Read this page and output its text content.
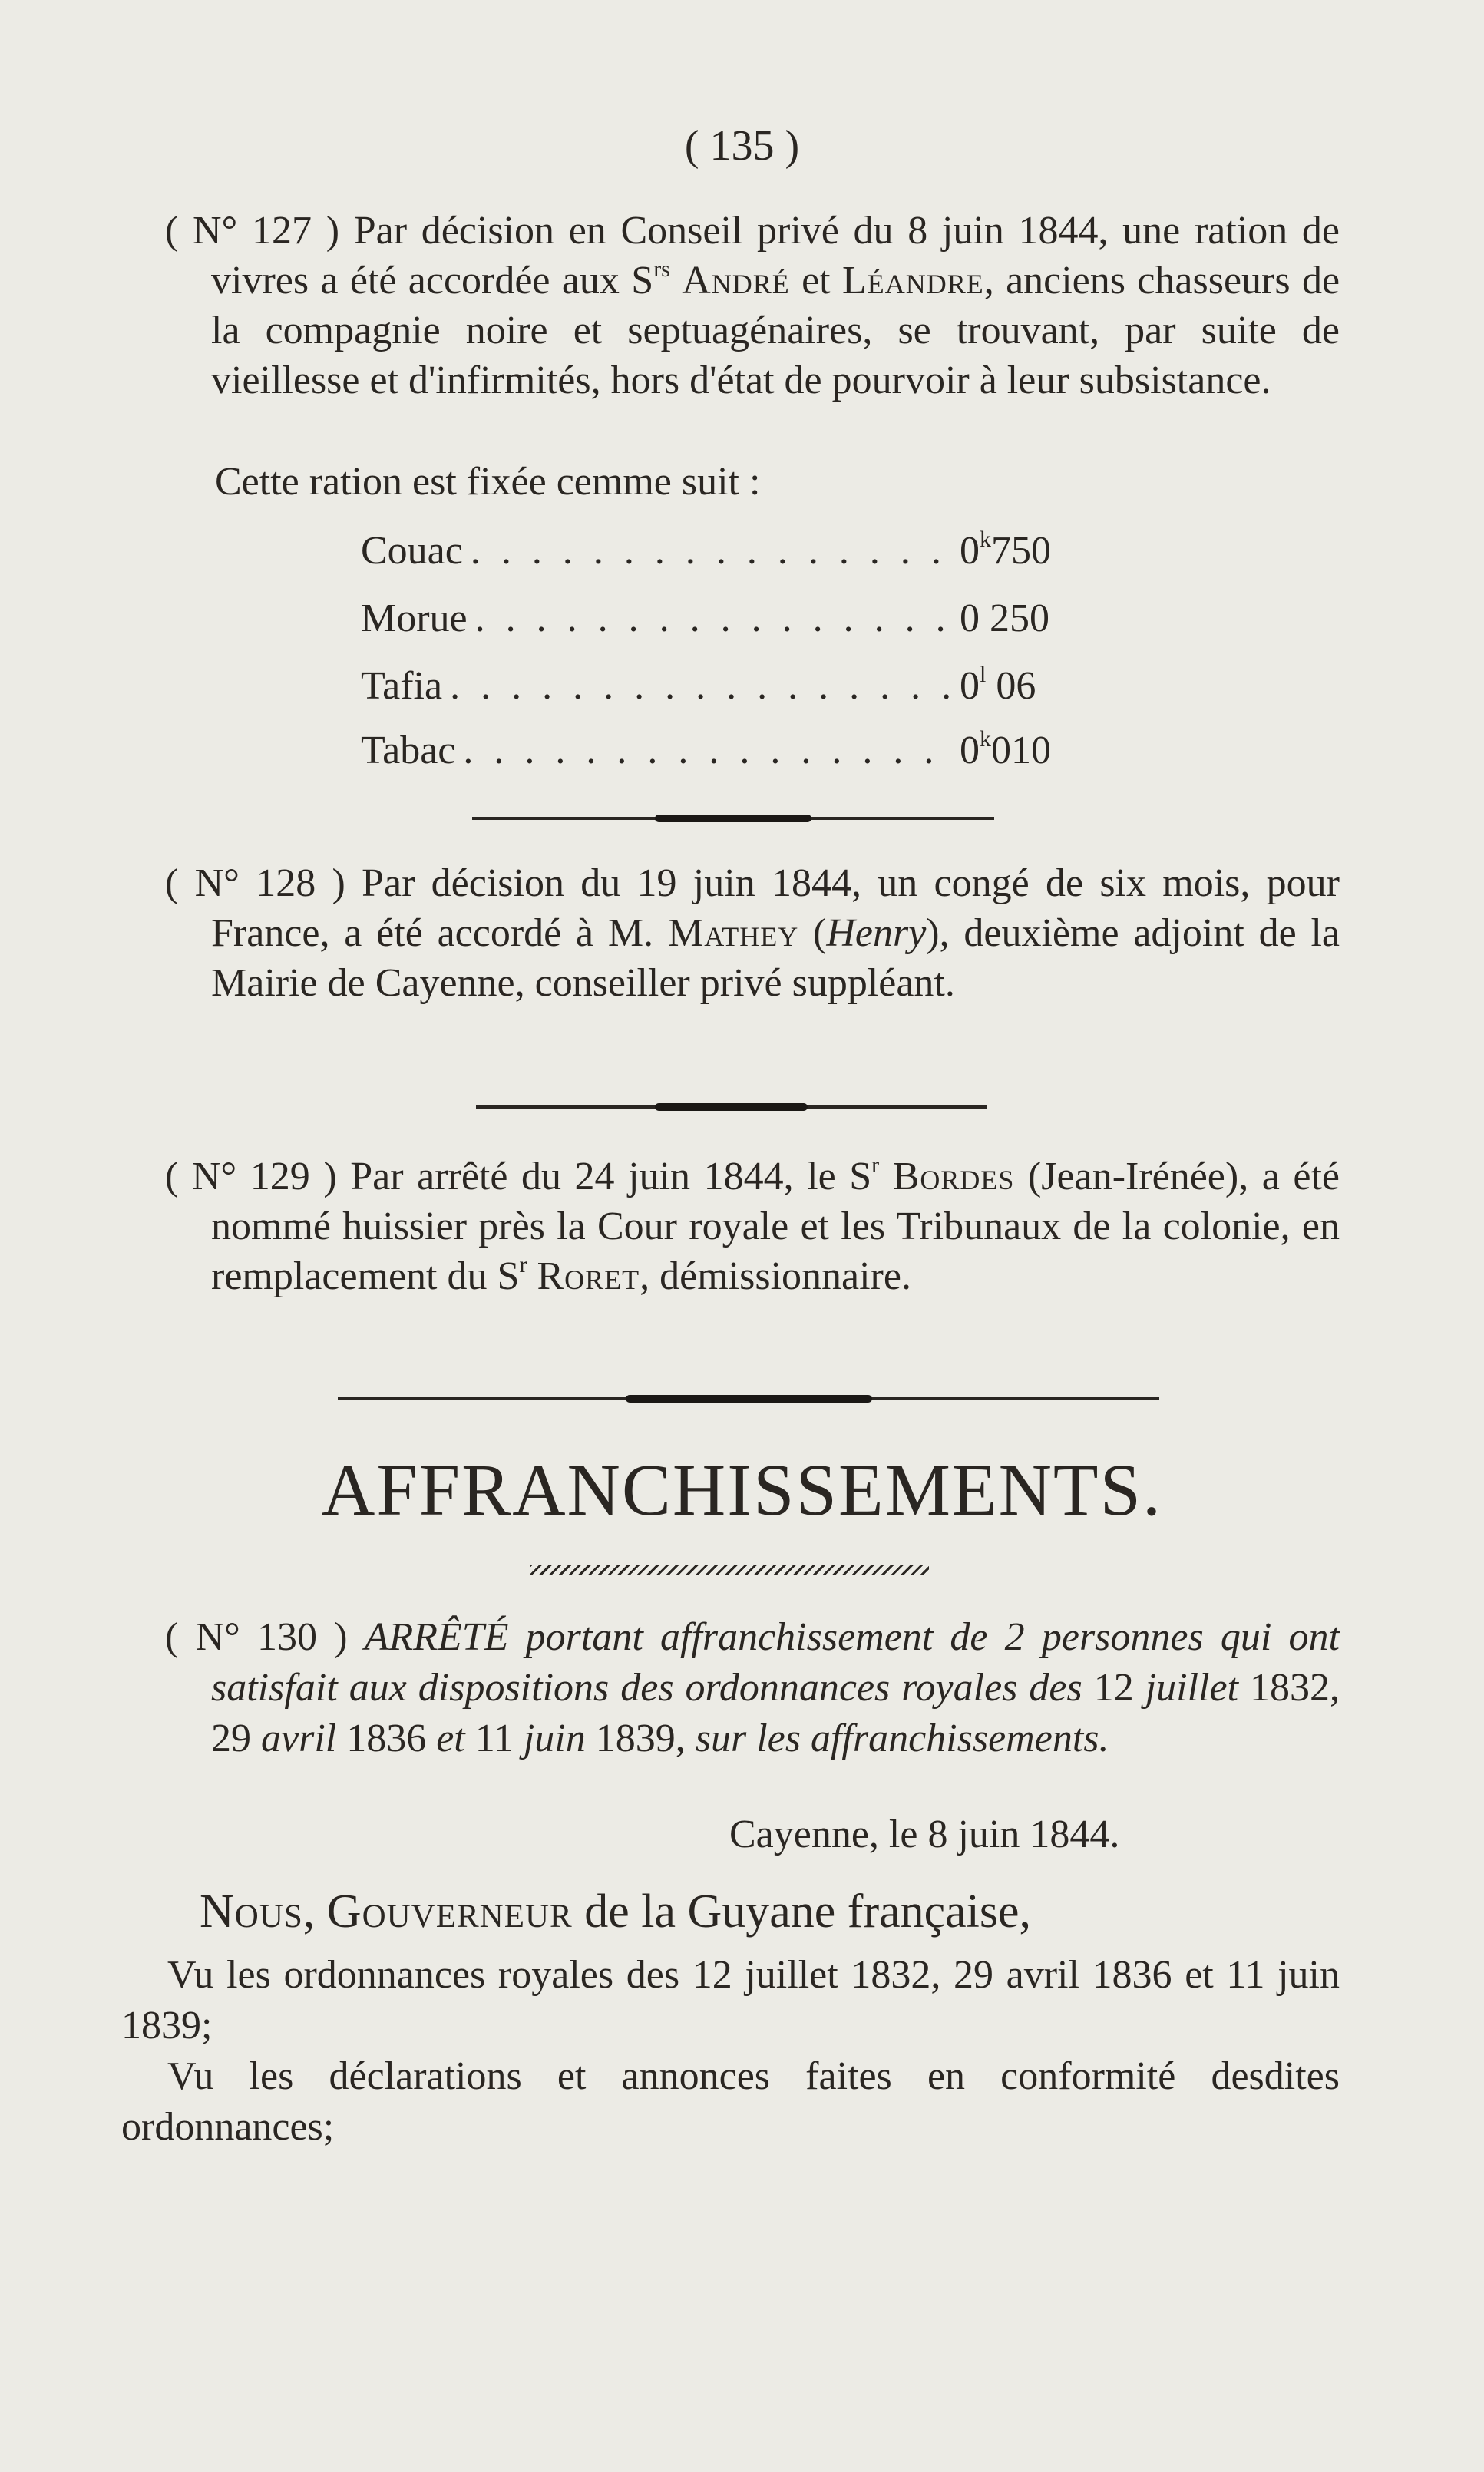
( 135 )
( N° 127 ) Par décision en Conseil privé du 8 juin 1844, une ration de vivres a été accordée aux $S^{rs}$ André et Léandre, anciens chasseurs de la compagnie noire et septuagénaires, se trouvant, par suite de vieillesse et d'infirmités, hors d'état de pourvoir à leur subsistance.
Cette ration est fixée cemme suit :
Couac . . .	0$^k$750
Morue . . .	0 250
Tafia . . .	0$^l$ 06
Tabac . . .	0$^k$010
( N° 128 ) Par décision du 19 juin 1844, un congé de six mois, pour France, a été accordé à M. Mathey (Henry), deuxième adjoint de la Mairie de Cayenne, conseiller privé suppléant.
( N° 129 ) Par arrêté du 24 juin 1844, le $S^r$ Bordes (Jean-Irénée), a été nommé huissier près la Cour royale et les Tribunaux de la colonie, en remplacement du $S^r$ Roret, démissionnaire.
AFFRANCHISSEMENTS.
( N° 130 ) ARRÊTÉ portant affranchissement de 2 personnes qui ont satisfait aux dispositions des ordonnances royales des 12 juillet 1832, 29 avril 1836 et 11 juin 1839, sur les affranchissements.
Cayenne, le 8 juin 1844.
Nous, Gouverneur de la Guyane française,
Vu les ordonnances royales des 12 juillet 1832, 29 avril 1836 et 11 juin 1839;
Vu les déclarations et annonces faites en conformité desdites ordonnances;
